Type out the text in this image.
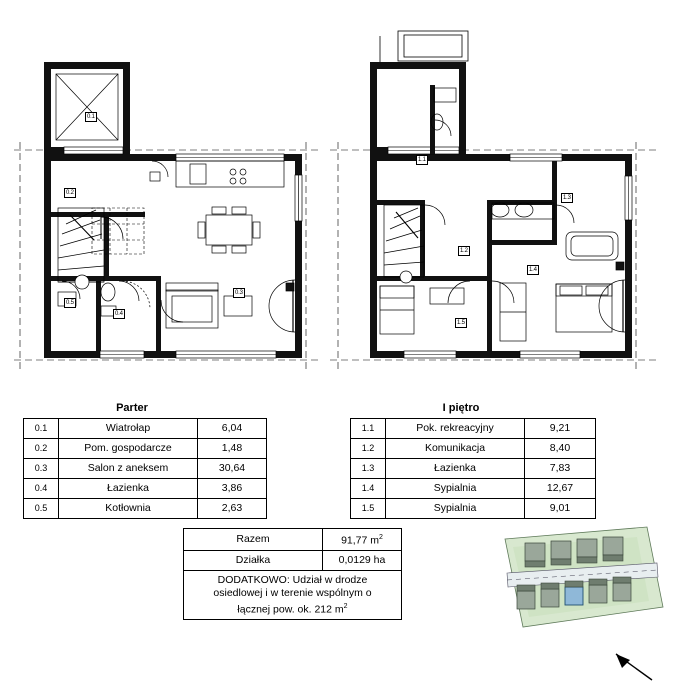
0.1
0.2
0.3
0.4
0.5
1.1
1.2
1.3
1.4
1.5
Parter
0.1	Wiatrołap	6,04
0.2	Pom. gospodarcze	1,48
0.3	Salon z aneksem	30,64
0.4	Łazienka	3,86
0.5	Kotłownia	2,63
I piętro
1.1	Pok. rekreacyjny	9,21
1.2	Komunikacja	8,40
1.3	Łazienka	7,83
1.4	Sypialnia	12,67
1.5	Sypialnia	9,01
Razem	91,77 $m^2$
Działka	0,0129 ha
DODATKOWO: Udział w drodze
osiedlowej i w terenie wspólnym o
łącznej pow. ok. 212 $m^2$
